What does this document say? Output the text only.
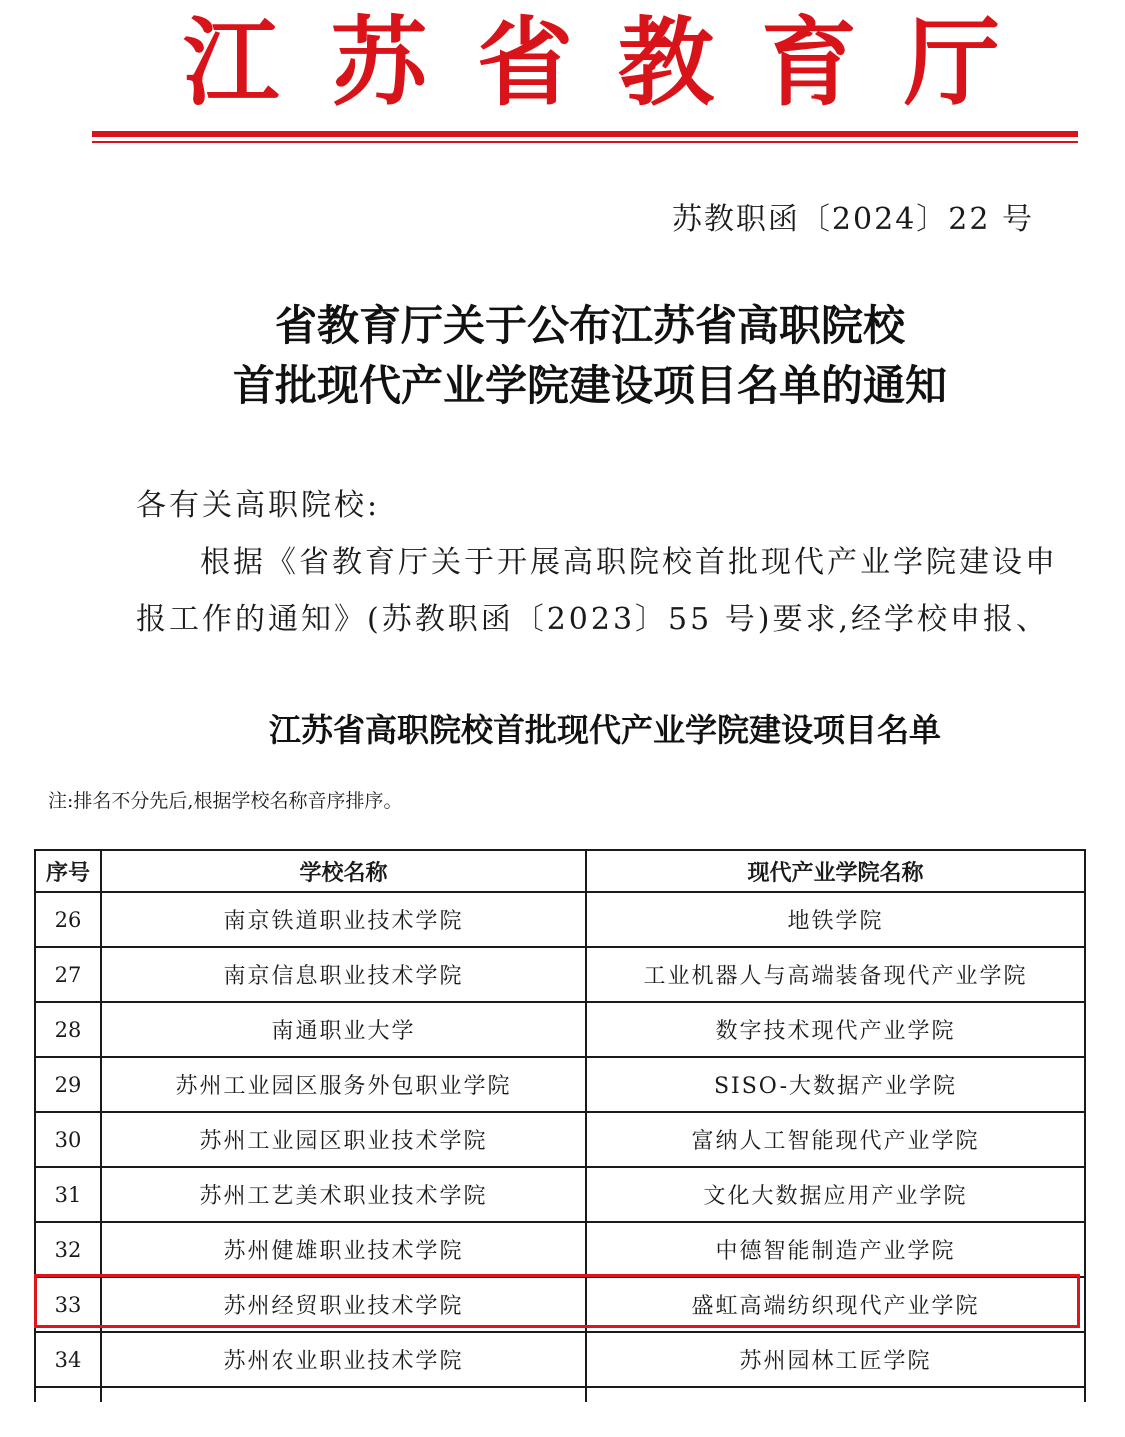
江 苏 省 教 育 厅
苏教职函〔2024〕22 号
省教育厅关于公布江苏省高职院校
首批现代产业学院建设项目名单的通知
各有关高职院校:
根据《省教育厅关于开展高职院校首批现代产业学院建设申
报工作的通知》(苏教职函〔2023〕55 号)要求,经学校申报、
江苏省高职院校首批现代产业学院建设项目名单
注:排名不分先后,根据学校名称音序排序。
序号	学校名称	现代产业学院名称
26	南京铁道职业技术学院	地铁学院
27	南京信息职业技术学院	工业机器人与高端装备现代产业学院
28	南通职业大学	数字技术现代产业学院
29	苏州工业园区服务外包职业学院	SISO-大数据产业学院
30	苏州工业园区职业技术学院	富纳人工智能现代产业学院
31	苏州工艺美术职业技术学院	文化大数据应用产业学院
32	苏州健雄职业技术学院	中德智能制造产业学院
33	苏州经贸职业技术学院	盛虹高端纺织现代产业学院
34	苏州农业职业技术学院	苏州园林工匠学院
